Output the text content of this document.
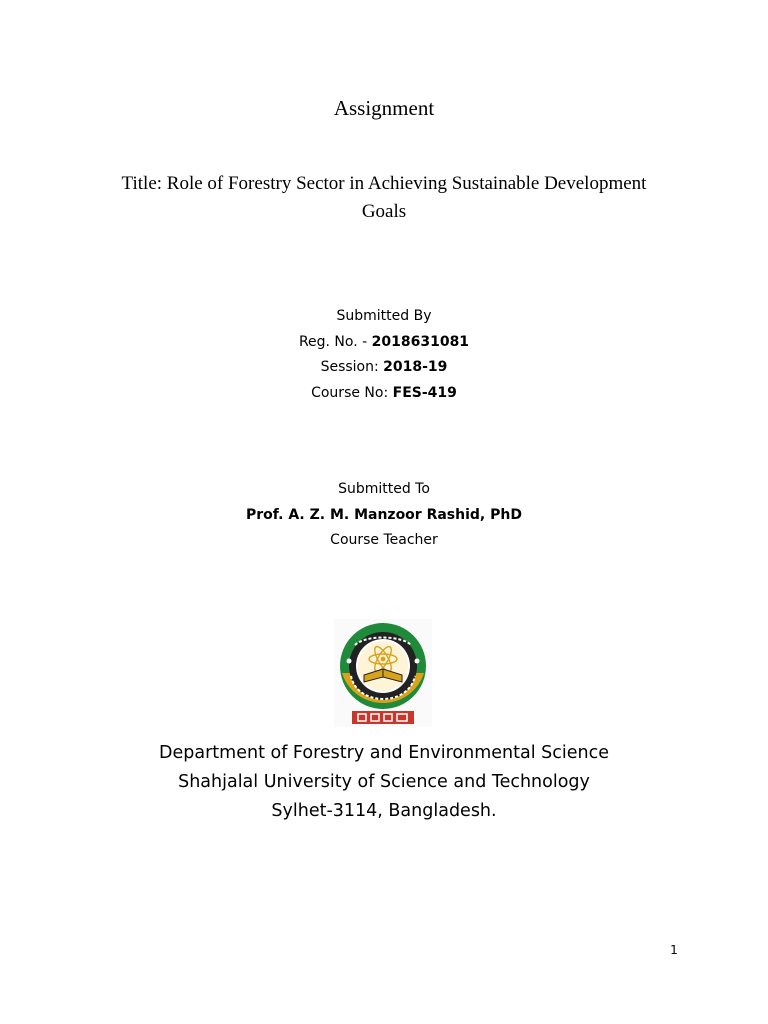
Assignment
Title: Role of Forestry Sector in Achieving Sustainable Development
Goals
Submitted By
Reg. No. - 2018631081
Session: 2018-19
Course No: FES-419
Submitted To
Prof. A. Z. M. Manzoor Rashid, PhD
Course Teacher
Department of Forestry and Environmental Science
Shahjalal University of Science and Technology
Sylhet-3114, Bangladesh.
1
